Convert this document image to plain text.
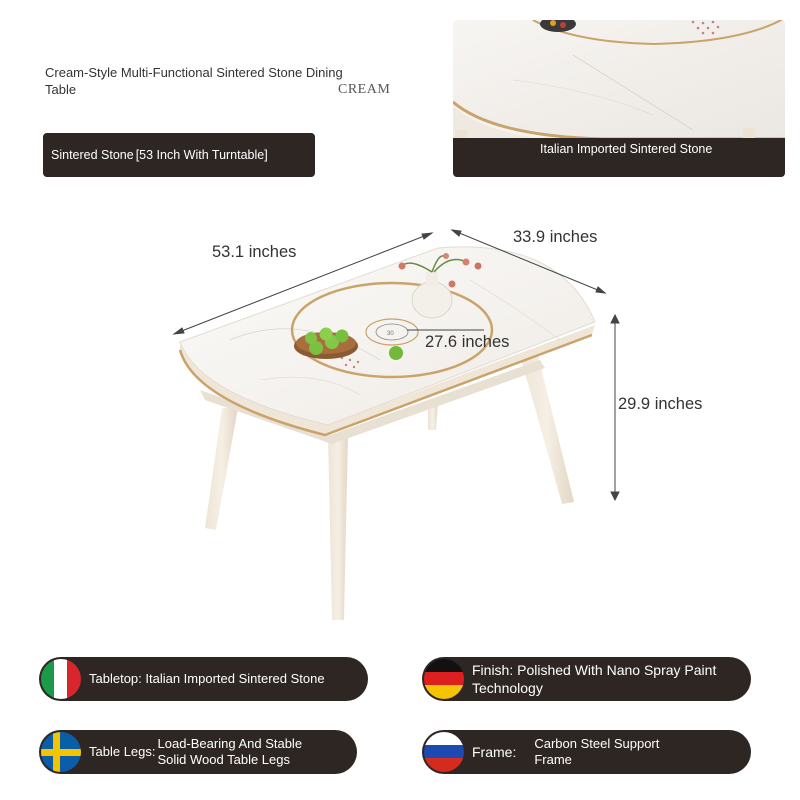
Cream-Style Multi-Functional Sintered Stone Dining Table	CREAM
Sintered Stone [53 Inch With Turntable]	Italian Imported Sintered Stone
30
53.1 inches
33.9 inches
27.6 inches
29.9 inches
Tabletop: Italian Imported Sintered Stone
Finish: Polished With Nano Spray Paint Technology
Table Legs:
Load-Bearing And Stable Solid Wood Table Legs	Frame:
Carbon Steel Support Frame
